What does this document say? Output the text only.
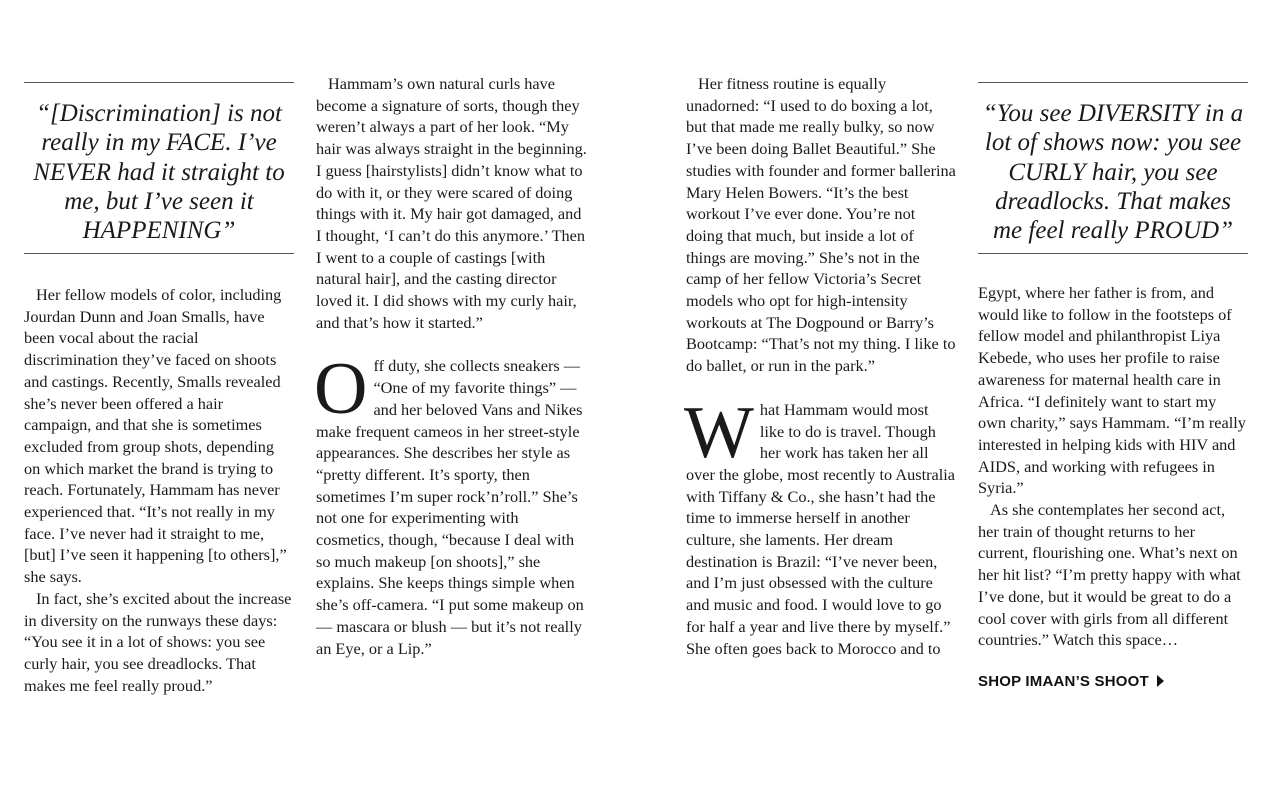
“[Discrimination] is not really in my FACE. I’ve NEVER had it straight to me, but I’ve seen it HAPPENING”

Her fellow models of color, including Jourdan Dunn and Joan Smalls, have been vocal about the racial discrimination they’ve faced on shoots and castings. Recently, Smalls revealed she’s never been offered a hair campaign, and that she is sometimes excluded from group shots, depending on which market the brand is trying to reach. Fortunately, Hammam has never experienced that. “It’s not really in my face. I’ve never had it straight to me, [but] I’ve seen it happening [to others],” she says.
In fact, she’s excited about the increase in diversity on the runways these days: “You see it in a lot of shows: you see curly hair, you see dreadlocks. That makes me feel really proud.”

Hammam’s own natural curls have become a signature of sorts, though they weren’t always a part of her look. “My hair was always straight in the beginning. I guess [hairstylists] didn’t know what to do with it, or they were scared of doing things with it. My hair got damaged, and I thought, ‘I can’t do this anymore.’ Then I went to a couple of castings [with natural hair], and the casting director loved it. I did shows with my curly hair, and that’s how it started.”

Off duty, she collects sneakers — “One of my favorite things” — and her beloved Vans and Nikes make frequent cameos in her street-style appearances. She describes her style as “pretty different. It’s sporty, then sometimes I’m super rock’n’roll.” She’s not one for experimenting with cosmetics, though, “because I deal with so much makeup [on shoots],” she explains. She keeps things simple when she’s off-camera. “I put some makeup on — mascara or blush — but it’s not really an Eye, or a Lip.”

Her fitness routine is equally unadorned: “I used to do boxing a lot, but that made me really bulky, so now I’ve been doing Ballet Beautiful.” She studies with founder and former ballerina Mary Helen Bowers. “It’s the best workout I’ve ever done. You’re not doing that much, but inside a lot of things are moving.” She’s not in the camp of her fellow Victoria’s Secret models who opt for high-intensity workouts at The Dogpound or Barry’s Bootcamp: “That’s not my thing. I like to do ballet, or run in the park.”

What Hammam would most like to do is travel. Though her work has taken her all over the globe, most recently to Australia with Tiffany & Co., she hasn’t had the time to immerse herself in another culture, she laments. Her dream destination is Brazil: “I’ve never been, and I’m just obsessed with the culture and music and food. I would love to go for half a year and live there by myself.” She often goes back to Morocco and to

“You see DIVERSITY in a lot of shows now: you see CURLY hair, you see dreadlocks. That makes me feel really PROUD”

Egypt, where her father is from, and would like to follow in the footsteps of fellow model and philanthropist Liya Kebede, who uses her profile to raise awareness for maternal health care in Africa. “I definitely want to start my own charity,” says Hammam. “I’m really interested in helping kids with HIV and AIDS, and working with refugees in Syria.”
As she contemplates her second act, her train of thought returns to her current, flourishing one. What’s next on her hit list? “I’m pretty happy with what I’ve done, but it would be great to do a cool cover with girls from all different countries.” Watch this space…

SHOP IMAAN’S SHOOT
